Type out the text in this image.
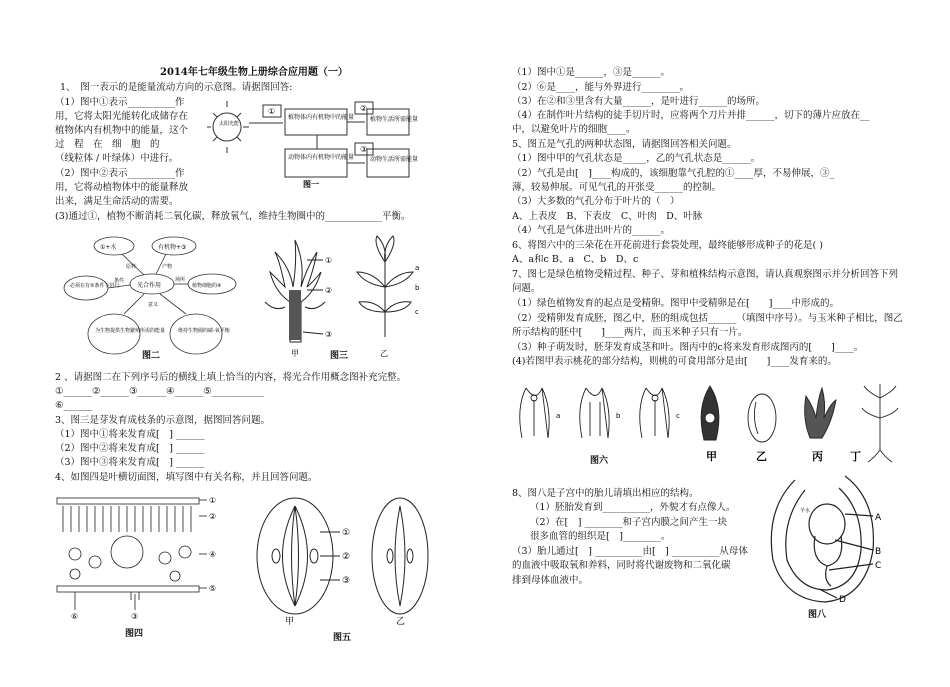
2014年七年级生物上册综合应用题（一）
1、　图一表示的是能量流动方向的示意图。请据图回答:
（1）图中①表示__________作
用，它将太阳光能转化成储存在
植物体内有机物中的能量，这个
过　程　在　细　胞　的
（线粒体 / 叶绿体）中进行。
（2）图中②表示__________作
用，它将动植物体中的能量释放
出来，满足生命活动的需要。
(3)通过①，植物不断消耗二氧化碳，释放氧气，维持生物圈中的____________平衡。
太阳光能
①
植物体内有机物中的能量
②
植物生活所需能量
动物体内有机物中的能量
③
动物生活所需能量
图一
①+水	有机物+③
光合作用
必须在有⑤条件下进行	植物细胞的④
为生物提供生物繁殖所需的能量	维持生物圈的碳-氧平衡
原料	产物
条件	场所
意义
图二
①
②
③
a
b
c
甲	乙
图三
2 、请据图二在下列序号后的横线上填上恰当的内容，将光合作用概念图补充完整。
①______②______③______④______⑤___________
⑥______
3、图三是芽发育成枝条的示意图，据图回答问题。
（1）图中①将来发育成[　] ______
（2）图中②将来发育成[　] ______
（3）图中③将来发育成[　] ______
4、如图四是叶横切面图，填写图中有关名称，并且回答问题。
①
②
④
⑤
③
⑥
图四
①
②
③
甲	乙
图五
（1）图中①是______，③是______。
（2）⑥是____，能与外界进行________。
（3）在②和③里含有大量______，是叶进行______的场所。
（4）在制作叶片结构的徒手切片时，应将两个刀片并排______，切下的薄片应放在__
中，以避免叶片的细胞____。
5、图五是气孔的两种状态图，请据图回答相关问题。
（1）图中甲的气孔状态是_____，乙的气孔状态是______。
（2）气孔是由[　]____构成的，该细胞靠气孔腔的①____厚，不易伸展，③_
薄，较易伸展。可见气孔的开张受______的控制。
（3）大多数的气孔分布于叶片的（　）
A、上表皮　B、下表皮　C、叶肉　D、叶脉
（4）气孔是气体进出叶片的______。
6、将图六中的三朵花在开花前进行套袋处理，最终能够形成种子的花是( )
A、a和c B、a　C、b　D、c
7、图七是绿色植物受精过程、种子、芽和植株结构示意图，请认真观察图示并分析回答下列
问题。
（1）绿色植物发育的起点是受精卵。图甲中受精卵是在[　　]____中形成的。
（2）受精卵发育成胚，图乙中，胚的组成包括______（填图中序号）。与玉米种子相比，图乙
所示结构的胚中[　　]____两片，而玉米种子只有一片。
（3）种子萌发时，胚芽发育成茎和叶。图丙中的c将来发育形成图丙的[　　]____。
(4)若图甲表示桃花的部分结构，则桃的可食用部分是由[　　]____发育来的。
a	b	c
图六	甲	乙	丙 丁
8、图八是子宫中的胎儿请填出相应的结构。
（1）胚胎发育到__________，外貌才有点像人。
（2）在[　] ________和子宫内膜之间产生一块
很多血管的组织是[　]________。
（3）胎儿通过[　] __________由[　] __________从母体
的血液中吸取氧和养料，同时将代谢废物和二氧化碳
排到母体血液中。
羊水
A
B
C
D
图八
